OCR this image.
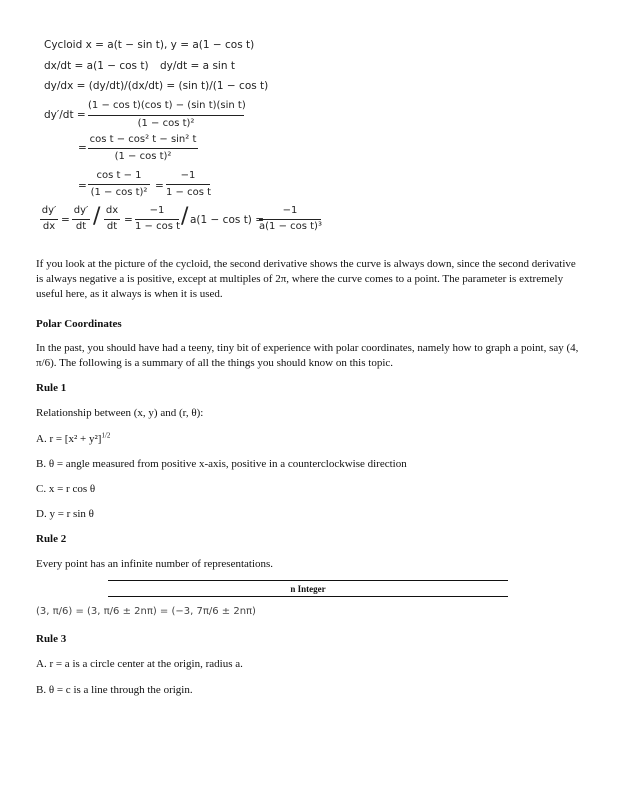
Cycloid x = a(t − sin t), y = a(1 − cos t)
dx/dt = a(1 − cos t) dy/dt = a sin t
dy/dx = (dy/dt)/(dx/dt) = (sin t)/(1 − cos t)
dy′/dt =
(1 − cos t)(cos t) − (sin t)(sin t)
(1 − cos t)²
=
cos t − cos² t − sin² t
(1 − cos t)²
=
cos t − 1
(1 − cos t)²
=
−1
1 − cos t
dy′
dx
=
dy′
dt / dx
dt
=
−1
1 − cos t / a(1 − cos t) =
−1
a(1 − cos t)³
If you look at the picture of the cycloid, the second derivative shows the curve is always down, since the second derivative is always negative a is positive, except at multiples of 2π, where the curve comes to a point. The parameter is extremely useful here, as it always is when it is used.
Polar Coordinates
In the past, you should have had a teeny, tiny bit of experience with polar coordinates, namely how to graph a point, say (4, π/6). The following is a summary of all the things you should know on this topic.
Rule 1
Relationship between (x, y) and (r, θ):
A. $r = [x^2 + y^2]^{1/2}$
B. θ = angle measured from positive x-axis, positive in a counterclockwise direction
C. x = r cos θ
D. y = r sin θ
Rule 2
Every point has an infinite number of representations.
n Integer
(3, π/6) = (3, π/6 ± 2nπ) = (−3, 7π/6 ± 2nπ)
Rule 3
A. r = a is a circle center at the origin, radius a.
B. θ = c is a line through the origin.
